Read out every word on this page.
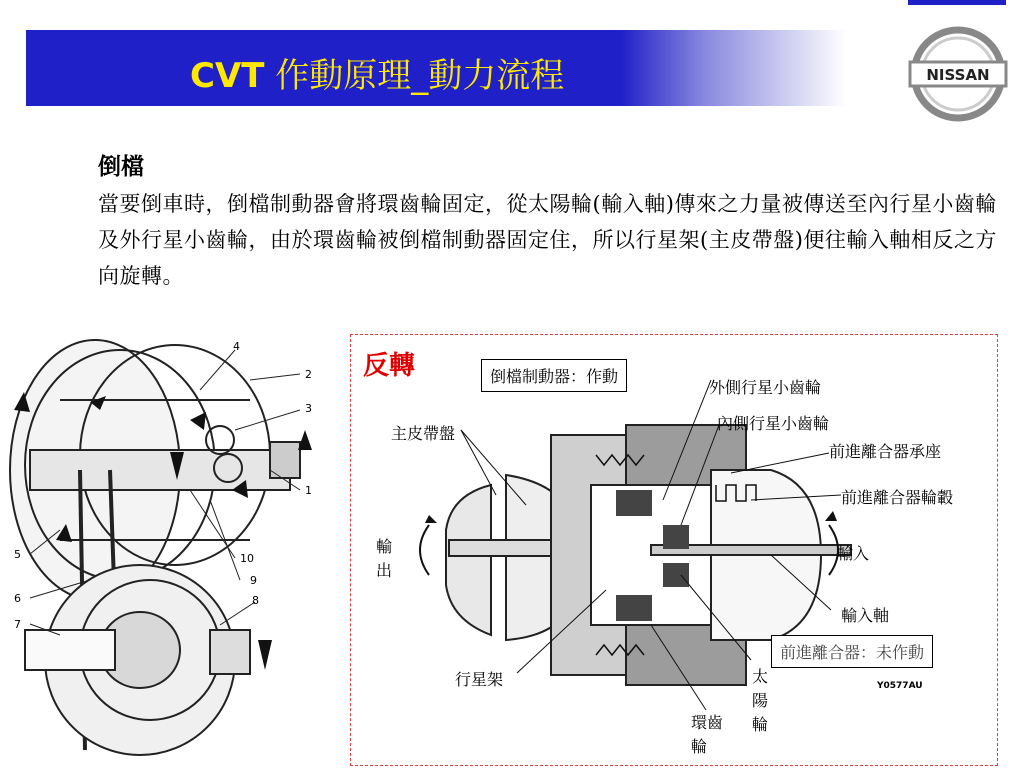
CVT 作動原理_動力流程	NISSAN
倒檔
當要倒車時，倒檔制動器會將環齒輪固定，從太陽輪(輸入軸)傳來之力量被傳送至內行星小齒輪及外行星小齒輪，由於環齒輪被倒檔制動器固定住，所以行星架(主皮帶盤)便往輸入軸相反之方向旋轉。
1
2
3
4
5
6
7
8
9
10
反轉	倒檔制動器：作動
外側行星小齒輪
內側行星小齒輪
主皮帶盤
前進離合器承座
前進離合器輪轂
輸出
輸入
輸入軸
前進離合器：未作動
行星架	太陽輪
環齒輪
Y0577AU
